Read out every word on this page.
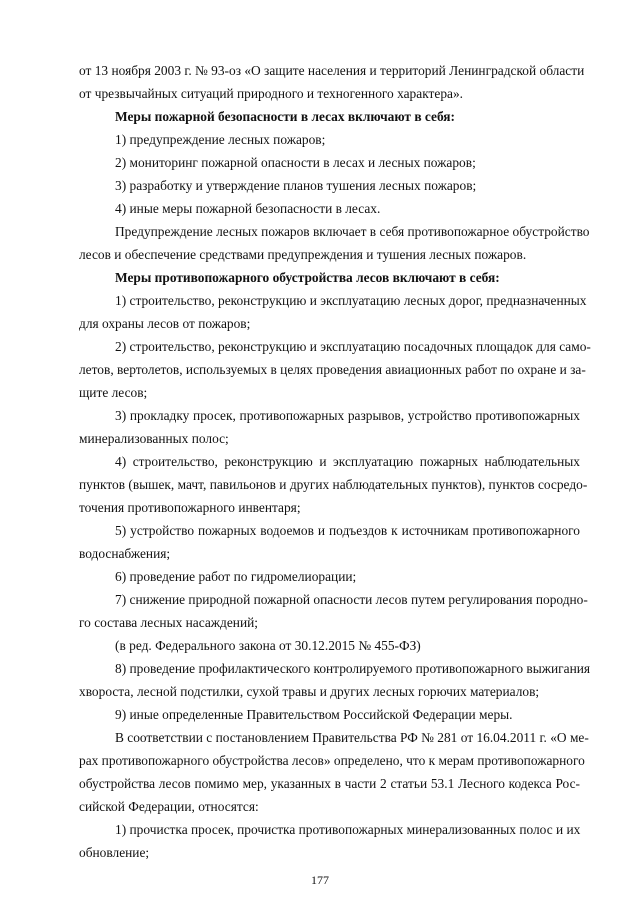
от 13 ноября 2003 г. № 93-оз «О защите населения и территорий Ленинградской области
от чрезвычайных ситуаций природного и техногенного характера».
Меры пожарной безопасности в лесах включают в себя:
1) предупреждение лесных пожаров;
2) мониторинг пожарной опасности в лесах и лесных пожаров;
3) разработку и утверждение планов тушения лесных пожаров;
4) иные меры пожарной безопасности в лесах.
Предупреждение лесных пожаров включает в себя противопожарное обустройство
лесов и обеспечение средствами предупреждения и тушения лесных пожаров.
Меры противопожарного обустройства лесов включают в себя:
1) строительство, реконструкцию и эксплуатацию лесных дорог, предназначенных
для охраны лесов от пожаров;
2) строительство, реконструкцию и эксплуатацию посадочных площадок для само-
летов, вертолетов, используемых в целях проведения авиационных работ по охране и за-
щите лесов;
3) прокладку просек, противопожарных разрывов, устройство противопожарных
минерализованных полос;
4) строительство, реконструкцию и эксплуатацию пожарных наблюдательных
пунктов (вышек, мачт, павильонов и других наблюдательных пунктов), пунктов сосредо-
точения противопожарного инвентаря;
5) устройство пожарных водоемов и подъездов к источникам противопожарного
водоснабжения;
6) проведение работ по гидромелиорации;
7) снижение природной пожарной опасности лесов путем регулирования породно-
го состава лесных насаждений;
(в ред. Федерального закона от 30.12.2015 № 455-ФЗ)
8) проведение профилактического контролируемого противопожарного выжигания
хвороста, лесной подстилки, сухой травы и других лесных горючих материалов;
9) иные определенные Правительством Российской Федерации меры.
В соответствии с постановлением Правительства РФ № 281 от 16.04.2011 г. «О ме-
рах противопожарного обустройства лесов» определено, что к мерам противопожарного
обустройства лесов помимо мер, указанных в части 2 статьи 53.1 Лесного кодекса Рос-
сийской Федерации, относятся:
1) прочистка просек, прочистка противопожарных минерализованных полос и их
обновление;
177
